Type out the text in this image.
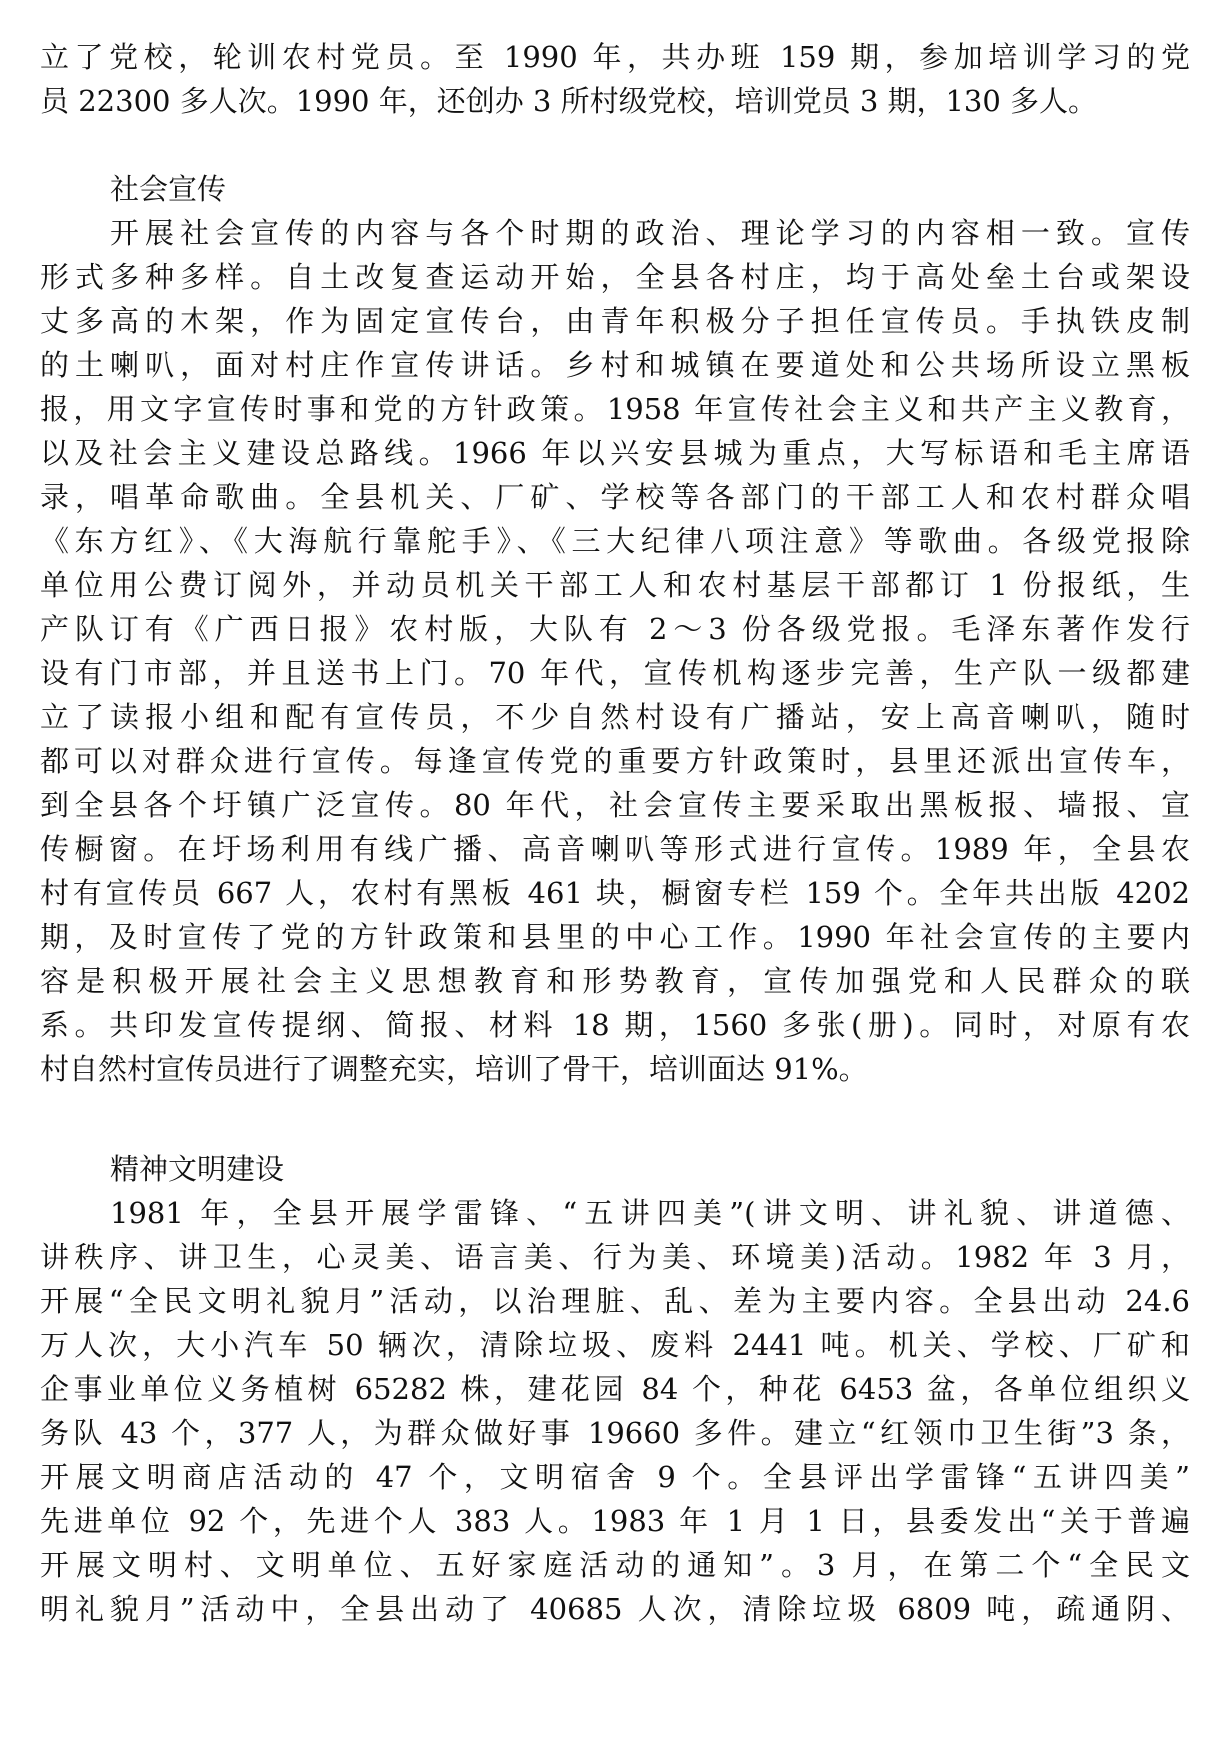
立了党校，轮训农村党员。至 1990 年，共办班 159 期，参加培训学习的党
员 22300 多人次。1990 年，还创办 3 所村级党校，培训党员 3 期，130 多人。
社会宣传
开展社会宣传的内容与各个时期的政治、理论学习的内容相一致。宣传
形式多种多样。自土改复查运动开始，全县各村庄，均于高处垒土台或架设
丈多高的木架，作为固定宣传台，由青年积极分子担任宣传员。手执铁皮制
的土喇叭，面对村庄作宣传讲话。乡村和城镇在要道处和公共场所设立黑板
报，用文字宣传时事和党的方针政策。1958 年宣传社会主义和共产主义教育，
以及社会主义建设总路线。1966 年以兴安县城为重点，大写标语和毛主席语
录，唱革命歌曲。全县机关、厂矿、学校等各部门的干部工人和农村群众唱
《东方红》、《大海航行靠舵手》、《三大纪律八项注意》等歌曲。各级党报除
单位用公费订阅外，并动员机关干部工人和农村基层干部都订 1 份报纸，生
产队订有《广西日报》农村版，大队有 2～3 份各级党报。毛泽东著作发行
设有门市部，并且送书上门。70 年代，宣传机构逐步完善，生产队一级都建
立了读报小组和配有宣传员，不少自然村设有广播站，安上高音喇叭，随时
都可以对群众进行宣传。每逢宣传党的重要方针政策时，县里还派出宣传车，
到全县各个圩镇广泛宣传。80 年代，社会宣传主要采取出黑板报、墙报、宣
传橱窗。在圩场利用有线广播、高音喇叭等形式进行宣传。1989 年，全县农
村有宣传员 667 人，农村有黑板 461 块，橱窗专栏 159 个。全年共出版 4202
期，及时宣传了党的方针政策和县里的中心工作。1990 年社会宣传的主要内
容是积极开展社会主义思想教育和形势教育，宣传加强党和人民群众的联
系。共印发宣传提纲、简报、材料 18 期，1560 多张(册)。同时，对原有农
村自然村宣传员进行了调整充实，培训了骨干，培训面达 91%。
精神文明建设
1981 年，全县开展学雷锋、“五讲四美”(讲文明、讲礼貌、讲道德、
讲秩序、讲卫生，心灵美、语言美、行为美、环境美)活动。1982 年 3 月，
开展“全民文明礼貌月”活动，以治理脏、乱、差为主要内容。全县出动 24.6
万人次，大小汽车 50 辆次，清除垃圾、废料 2441 吨。机关、学校、厂矿和
企事业单位义务植树 65282 株，建花园 84 个，种花 6453 盆，各单位组织义
务队 43 个，377 人，为群众做好事 19660 多件。建立“红领巾卫生街”3 条，
开展文明商店活动的 47 个，文明宿舍 9 个。全县评出学雷锋“五讲四美”
先进单位 92 个，先进个人 383 人。1983 年 1 月 1 日，县委发出“关于普遍
开展文明村、文明单位、五好家庭活动的通知”。3 月，在第二个“全民文
明礼貌月”活动中，全县出动了 40685 人次，清除垃圾 6809 吨，疏通阴、
